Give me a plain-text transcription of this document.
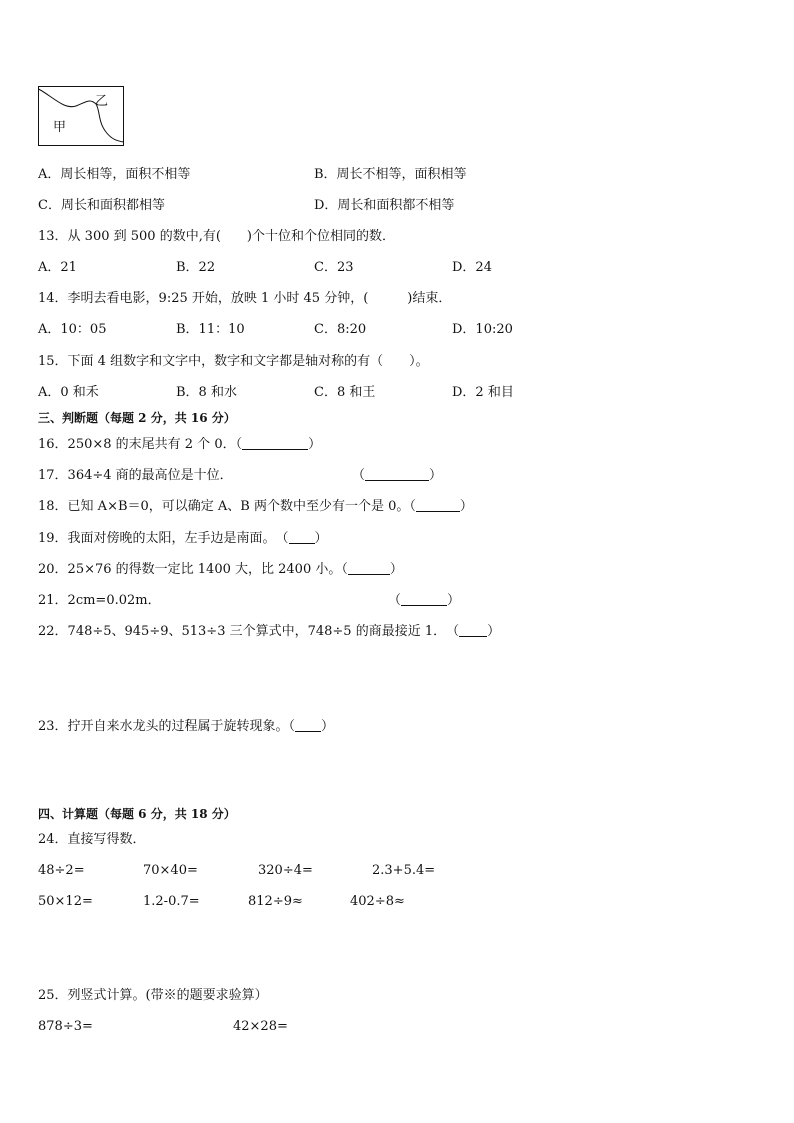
甲
乙
A．周长相等，面积不相等	B．周长不相等，面积相等
C．周长和面积都相等	D．周长和面积都不相等
13．从 300 到 500 的数中,有(　　)个十位和个位相同的数．
A．21	B．22	C．23	D．24
14．李明去看电影，9:25 开始，放映 1 小时 45 分钟，(　　　)结束．
A．10：05	B．11：10	C．8:20	D．10:20
15．下面 4 组数字和文字中，数字和文字都是轴对称的有（　　）。
A．0 和禾	B．8 和水	C．8 和王	D．2 和目
三、判断题（每题 2 分，共 16 分）
16．250×8 的末尾共有 2 个 0．（	）
17．364÷4 商的最高位是十位．	（	）
18．已知 A×B＝0，可以确定 A、B 两个数中至少有一个是 0。（	）
19．我面对傍晚的太阳，左手边是南面。　（ ）
20．25×76 的得数一定比 1400 大，比 2400 小。（	）
21．2cm=0.02m．	（	）
22．748÷5、945÷9、513÷3 三个算式中，748÷5 的商最接近 1．　（ ）
23．拧开自来水龙头的过程属于旋转现象。（ ）
四、计算题（每题 6 分，共 18 分）
24．直接写得数．
48÷2=	70×40=	320÷4=	2.3+5.4=
50×12=	1.2-0.7=	812÷9≈	402÷8≈
25．列竖式计算。(带※的题要求验算）
878÷3=	42×28=
